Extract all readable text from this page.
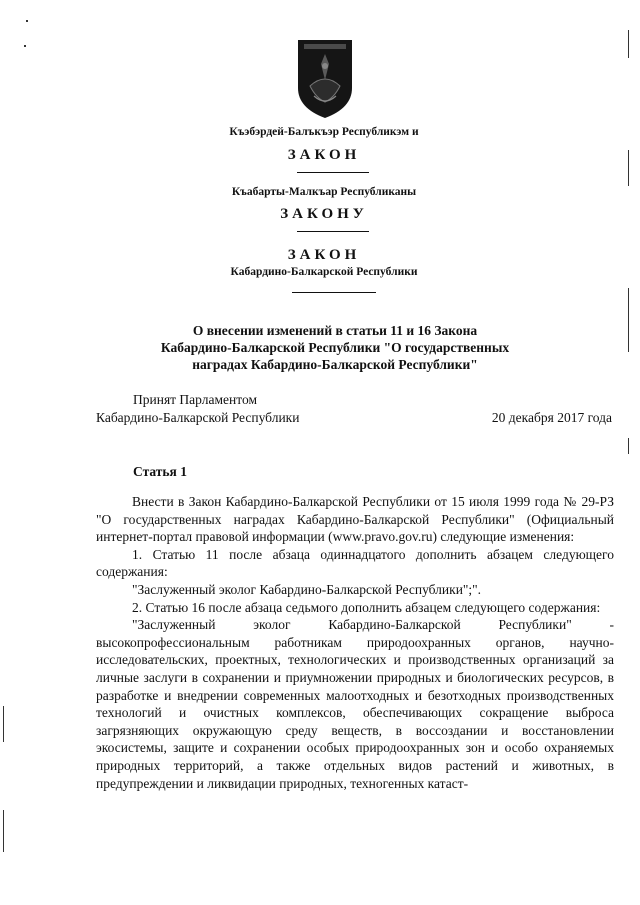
Къэбэрдей-Балъкъэр Республикэм и
ЗАКОН
Къабарты-Малкъар Республиканы
ЗАКОНУ
ЗАКОН
Кабардино-Балкарской Республики
О внесении изменений в статьи 11 и 16 Закона
Кабардино-Балкарской Республики "О государственных
наградах Кабардино-Балкарской Республики"
Принят Парламентом
Кабардино-Балкарской Республики	20 декабря 2017 года
Статья 1

Внести в Закон Кабардино-Балкарской Республики от 15 июля 1999 года № 29-РЗ "О государственных наградах Кабардино-Балкарской Республики" (Официальный интернет-портал правовой информации (www.pravo.gov.ru) следующие изменения:

1. Статью 11 после абзаца одиннадцатого дополнить абзацем следующего содержания:

"Заслуженный эколог Кабардино-Балкарской Республики";".

2. Статью 16 после абзаца седьмого дополнить абзацем следующего содержания:

"Заслуженный эколог Кабардино-Балкарской Республики" - высокопрофессиональным работникам природоохранных органов, научно-исследовательских, проектных, технологических и производственных организаций за личные заслуги в сохранении и приумножении природных и биологических ресурсов, в разработке и внедрении современных малоотходных и безотходных производственных технологий и очистных комплексов, обеспечивающих сокращение выброса загрязняющих окружающую среду веществ, в воссоздании и восстановлении экосистемы, защите и сохранении особых природоохранных зон и особо охраняемых природных территорий, а также отдельных видов растений и животных, в предупреждении и ликвидации природных, техногенных катаст-
